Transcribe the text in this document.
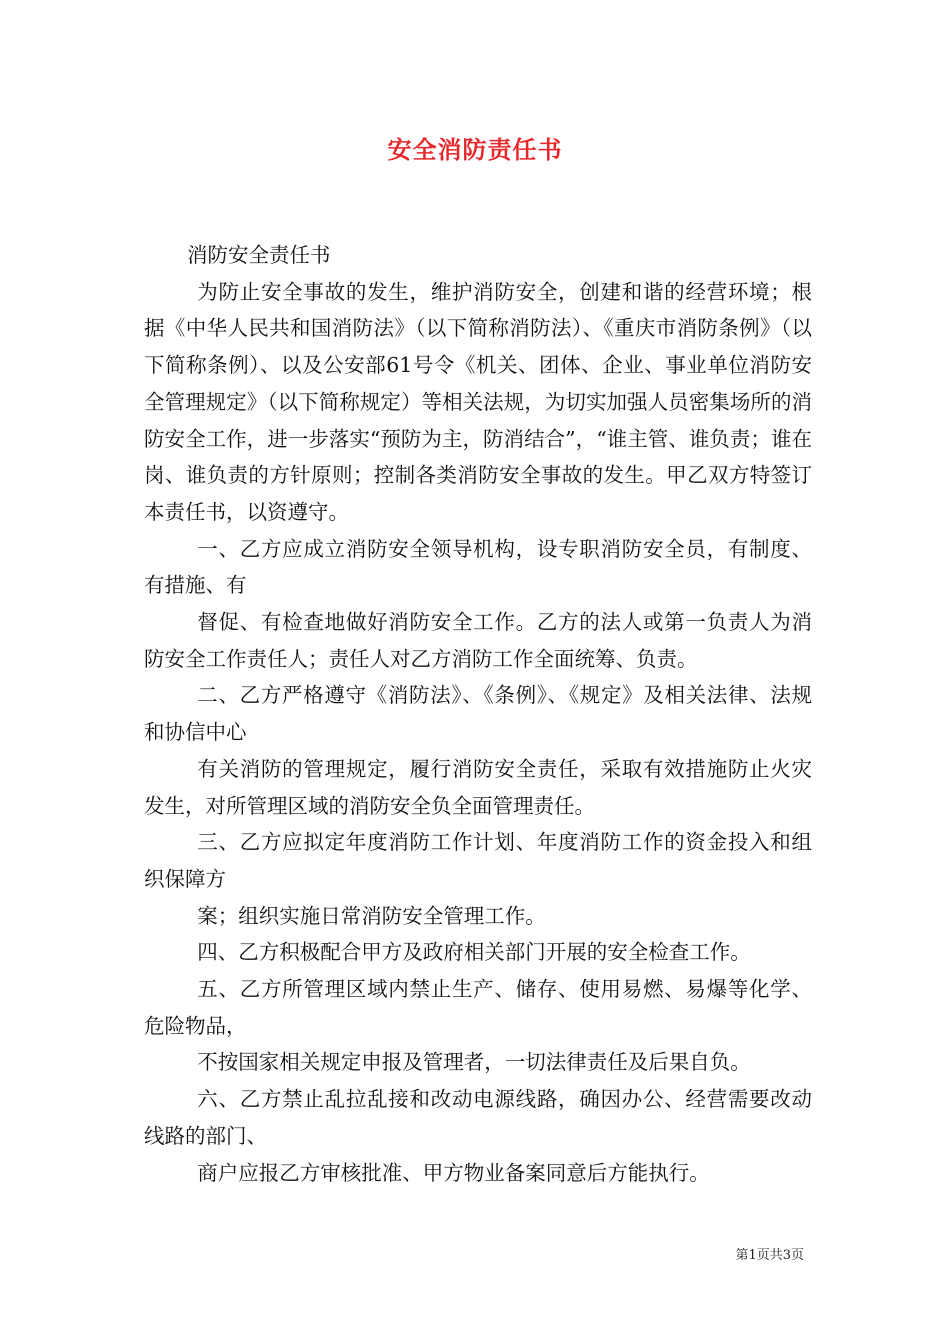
安全消防责任书

消防安全责任书

为防止安全事故的发生，维护消防安全，创建和谐的经营环境；根据《中华人民共和国消防法》（以下简称消防法）、《重庆市消防条例》（以下简称条例）、以及公安部61号令《机关、团体、企业、事业单位消防安全管理规定》（以下简称规定）等相关法规，为切实加强人员密集场所的消防安全工作，进一步落实“预防为主，防消结合”，“谁主管、谁负责；谁在岗、谁负责的方针原则；控制各类消防安全事故的发生。甲乙双方特签订本责任书，以资遵守。

一、乙方应成立消防安全领导机构，设专职消防安全员，有制度、有措施、有

督促、有检查地做好消防安全工作。乙方的法人或第一负责人为消防安全工作责任人；责任人对乙方消防工作全面统筹、负责。

二、乙方严格遵守《消防法》、《条例》、《规定》及相关法律、法规和协信中心

有关消防的管理规定，履行消防安全责任，采取有效措施防止火灾发生，对所管理区域的消防安全负全面管理责任。

三、乙方应拟定年度消防工作计划、年度消防工作的资金投入和组织保障方

案；组织实施日常消防安全管理工作。

四、乙方积极配合甲方及政府相关部门开展的安全检查工作。

五、乙方所管理区域内禁止生产、储存、使用易燃、易爆等化学、危险物品，

不按国家相关规定申报及管理者，一切法律责任及后果自负。

六、乙方禁止乱拉乱接和改动电源线路，确因办公、经营需要改动线路的部门、

商户应报乙方审核批准、甲方物业备案同意后方能执行。

第1页共3页
